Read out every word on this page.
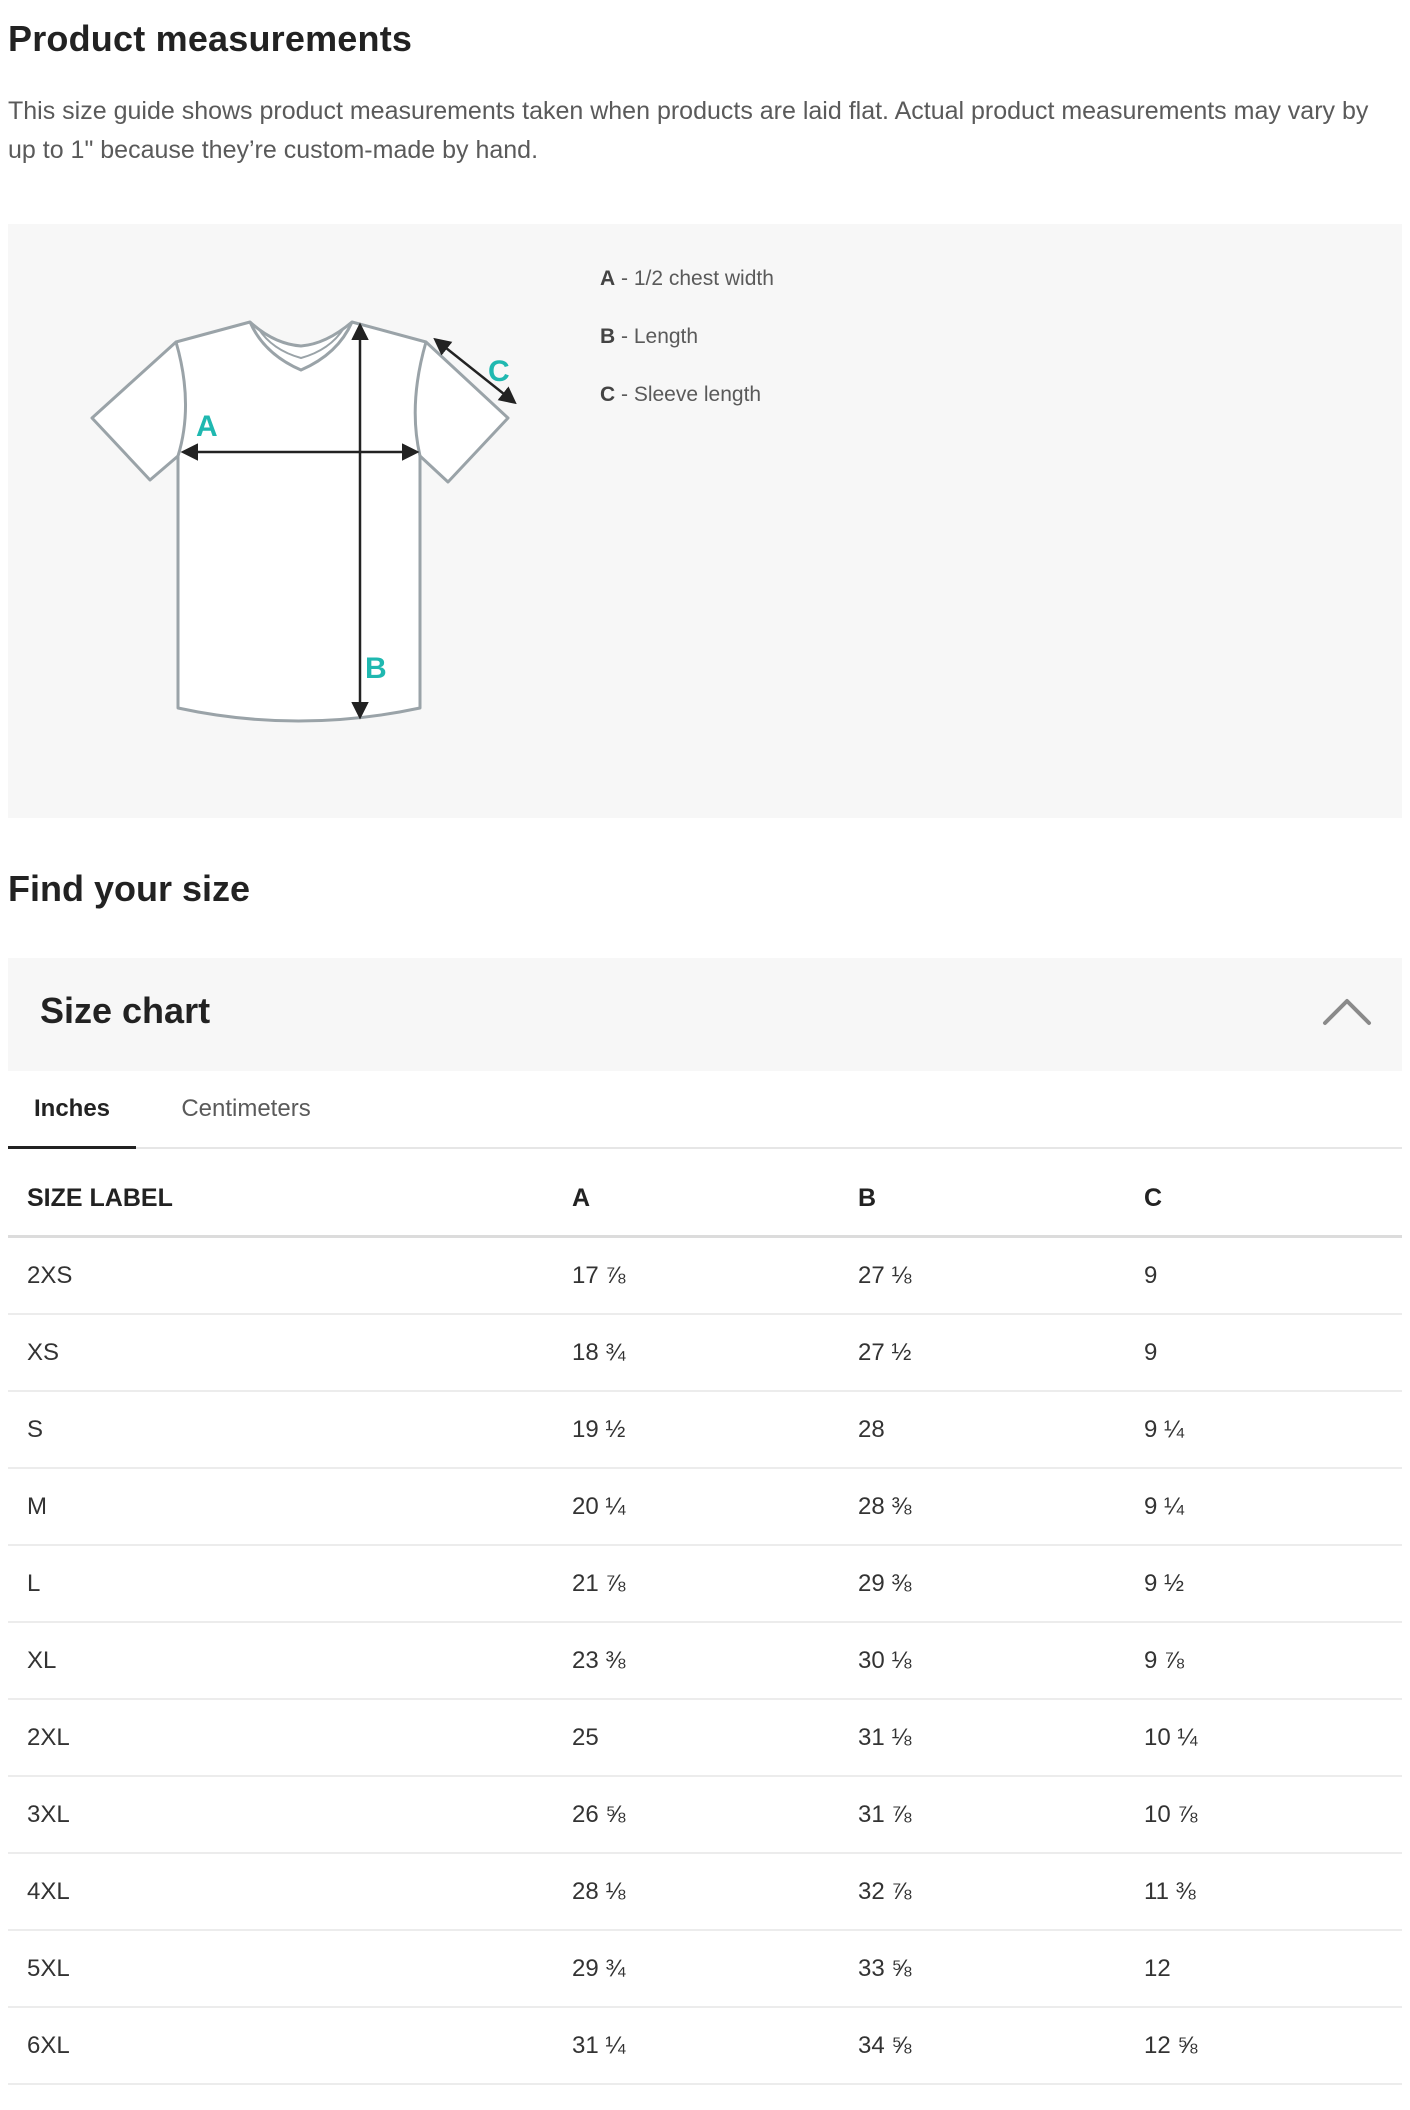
Product measurements

This size guide shows product measurements taken when products are laid flat. Actual product measurements may vary by up to 1" because they’re custom-made by hand.

A
B
C
A - 1/2 chest width
B - Length
C - Sleeve length
Find your size
Size chart
Inches	Centimeters
SIZE LABEL	A	B	C
2XS	17 ⅞	27 ⅛	9
XS	18 ¾	27 ½	9
S	19 ½	28	9 ¼
M	20 ¼	28 ⅜	9 ¼
L	21 ⅞	29 ⅜	9 ½
XL	23 ⅜	30 ⅛	9 ⅞
2XL	25	31 ⅛	10 ¼
3XL	26 ⅝	31 ⅞	10 ⅞
4XL	28 ⅛	32 ⅞	11 ⅜
5XL	29 ¾	33 ⅝	12
6XL	31 ¼	34 ⅝	12 ⅝
